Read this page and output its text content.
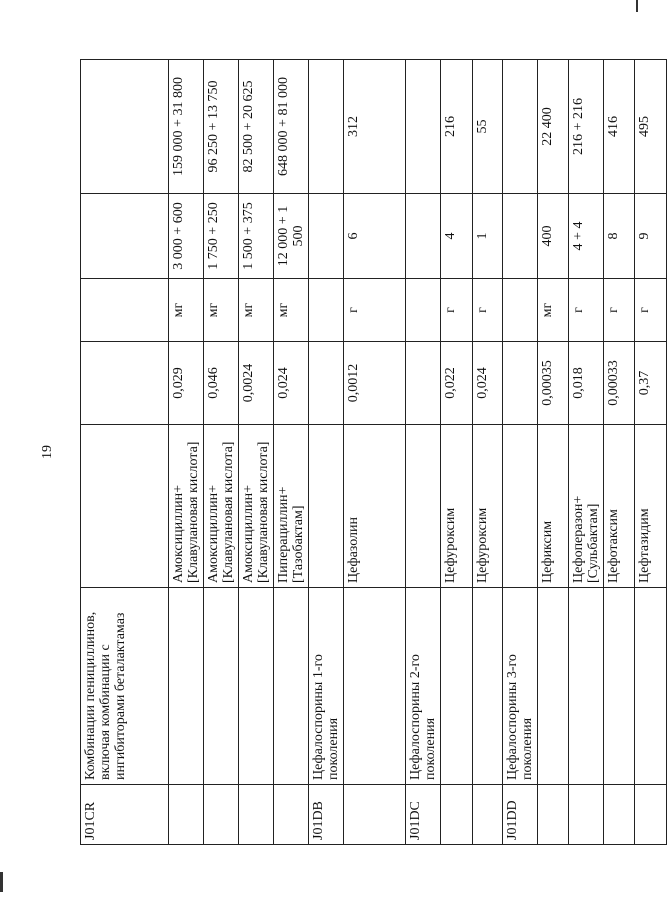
19
J01CR	Комбинации пенициллинов, включая комбинации с ингибиторами беталактамаз					
		Амоксициллин+ [Клавулановая кислота]	0,029	мг	3 000 + 600	159 000 + 31 800
		Амоксициллин+ [Клавулановая кислота]	0,046	мг	1 750 + 250	96 250 + 13 750
		Амоксициллин+ [Клавулановая кислота]	0,0024	мг	1 500 + 375	82 500 + 20 625
		Пиперациллин+ [Тазобактам]	0,024	мг	12 000 + 1 500	648 000 + 81 000
J01DB	Цефалоспорины 1-го поколения					
		Цефазолин	0,0012	г	6	312
J01DC	Цефалоспорины 2-го поколения					
		Цефуроксим	0,022	г	4	216
		Цефуроксим	0,024	г	1	55
J01DD	Цефалоспорины 3-го поколения					
		Цефиксим	0,00035	мг	400	22 400
		Цефоперазон+ [Сульбактам]	0,018	г	4 + 4	216 + 216
		Цефотаксим	0,00033	г	8	416
		Цефтазидим	0,37	г	9	495
